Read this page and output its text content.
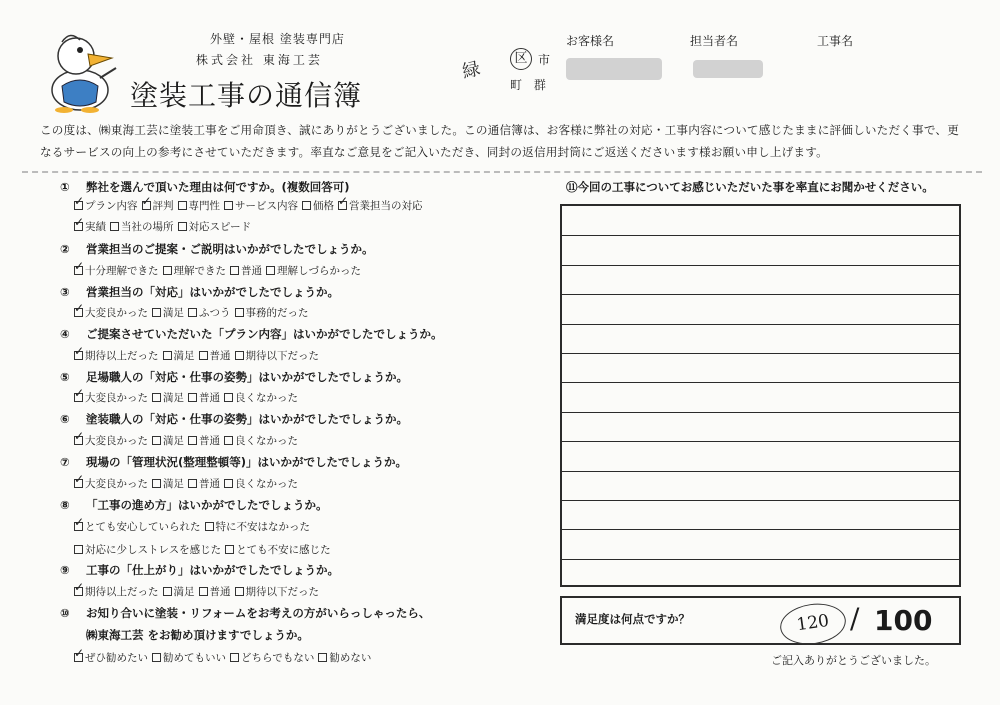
外壁・屋根 塗装専門店
株式会社 東海工芸
塗装工事の通信簿
緑	区 市
町 群
お客様名	担当者名	工事名
この度は、㈱東海工芸に塗装工事をご用命頂き、誠にありがとうございました。この通信簿は、お客様に弊社の対応・工事内容について感じたままに評価しいただく事で、更なるサービスの向上の参考にさせていただきます。率直なご意見をご記入いただき、同封の返信用封筒にご返送くださいます様お願い申し上げます。
① 弊社を選んで頂いた理由は何ですか。(複数回答可)
✓
プラン内容 ✓ 評判 専門性 サービス内容 価格 ✓ 営業担当の対応
✓
実績 当社の場所 対応スピード
② 営業担当のご提案・ご説明はいかがでしたでしょうか。
✓
十分理解できた 理解できた 普通 理解しづらかった
③ 営業担当の「対応」はいかがでしたでしょうか。
✓
大変良かった 満足 ふつう 事務的だった
④ ご提案させていただいた「プラン内容」はいかがでしたでしょうか。
✓
期待以上だった 満足 普通 期待以下だった
⑤ 足場職人の「対応・仕事の姿勢」はいかがでしたでしょうか。
✓
大変良かった 満足 普通 良くなかった
⑥ 塗装職人の「対応・仕事の姿勢」はいかがでしたでしょうか。
✓
大変良かった 満足 普通 良くなかった
⑦ 現場の「管理状況(整理整頓等)」はいかがでしたでしょうか。
✓
大変良かった 満足 普通 良くなかった
⑧ 「工事の進め方」はいかがでしたでしょうか。
✓
とても安心していられた 特に不安はなかった
対応に少しストレスを感じた とても不安に感じた
⑨ 工事の「仕上がり」はいかがでしたでしょうか。
✓
期待以上だった 満足 普通 期待以下だった
⑩ お知り合いに塗装・リフォームをお考えの方がいらっしゃったら、
㈱東海工芸 をお勧め頂けますでしょうか。
✓
ぜひ勧めたい 勧めてもいい どちらでもない 勧めない
⑪今回の工事についてお感じいただいた事を率直にお聞かせください。
満足度は何点ですか？	120 / 100
ご記入ありがとうございました。
